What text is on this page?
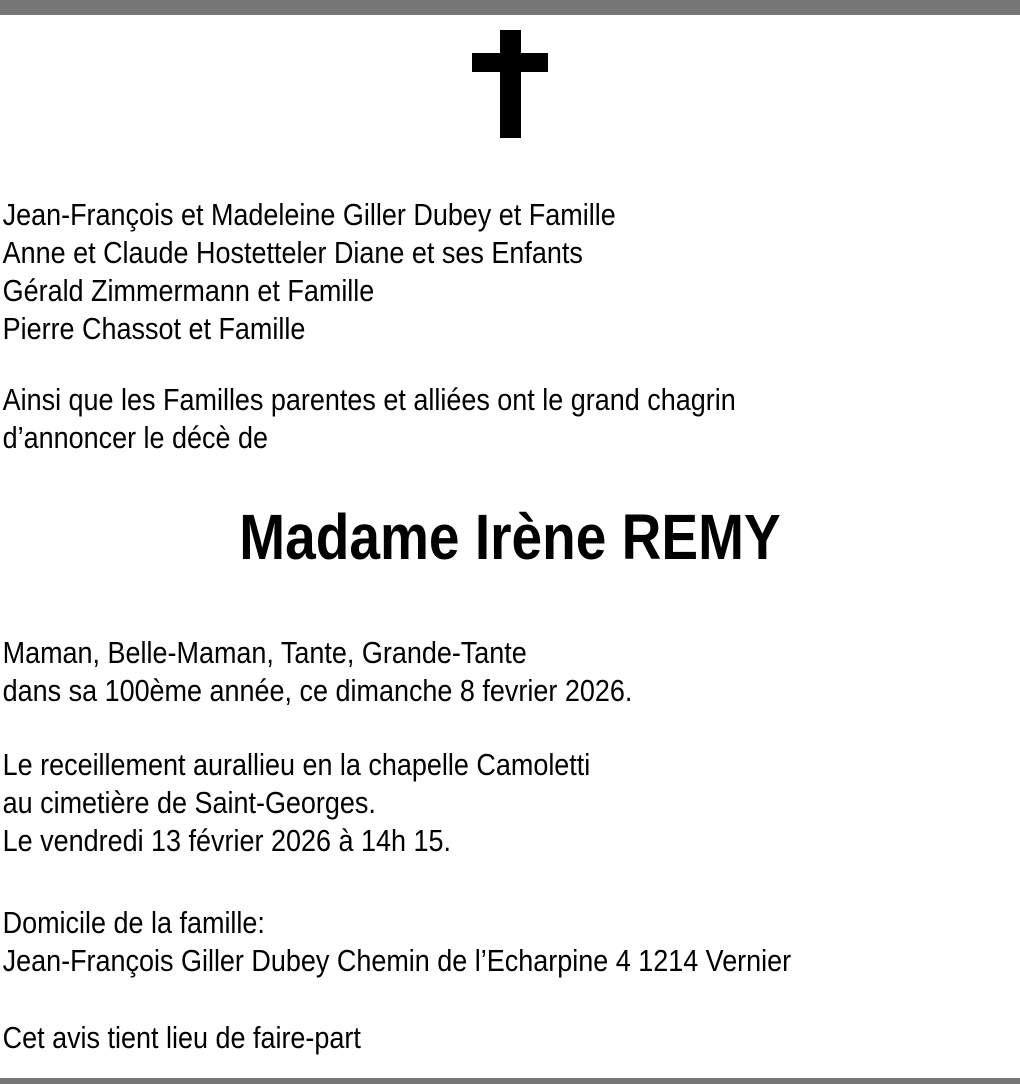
Jean-François et Madeleine Giller Dubey et Famille
Anne et Claude Hostetteler Diane et ses Enfants
Gérald Zimmermann et Famille
Pierre Chassot et Famille
Ainsi que les Familles parentes et alliées ont le grand chagrin
d’annoncer le décè de
Madame Irène REMY
Maman, Belle-Maman, Tante, Grande-Tante
dans sa 100ème année, ce dimanche 8 fevrier 2026.
Le receillement aurallieu en la chapelle Camoletti
au cimetière de Saint-Georges.
Le vendredi 13 février 2026 à 14h 15.
Domicile de la famille:
Jean-François Giller Dubey Chemin de l’Echarpine 4 1214 Vernier
Cet avis tient lieu de faire-part
